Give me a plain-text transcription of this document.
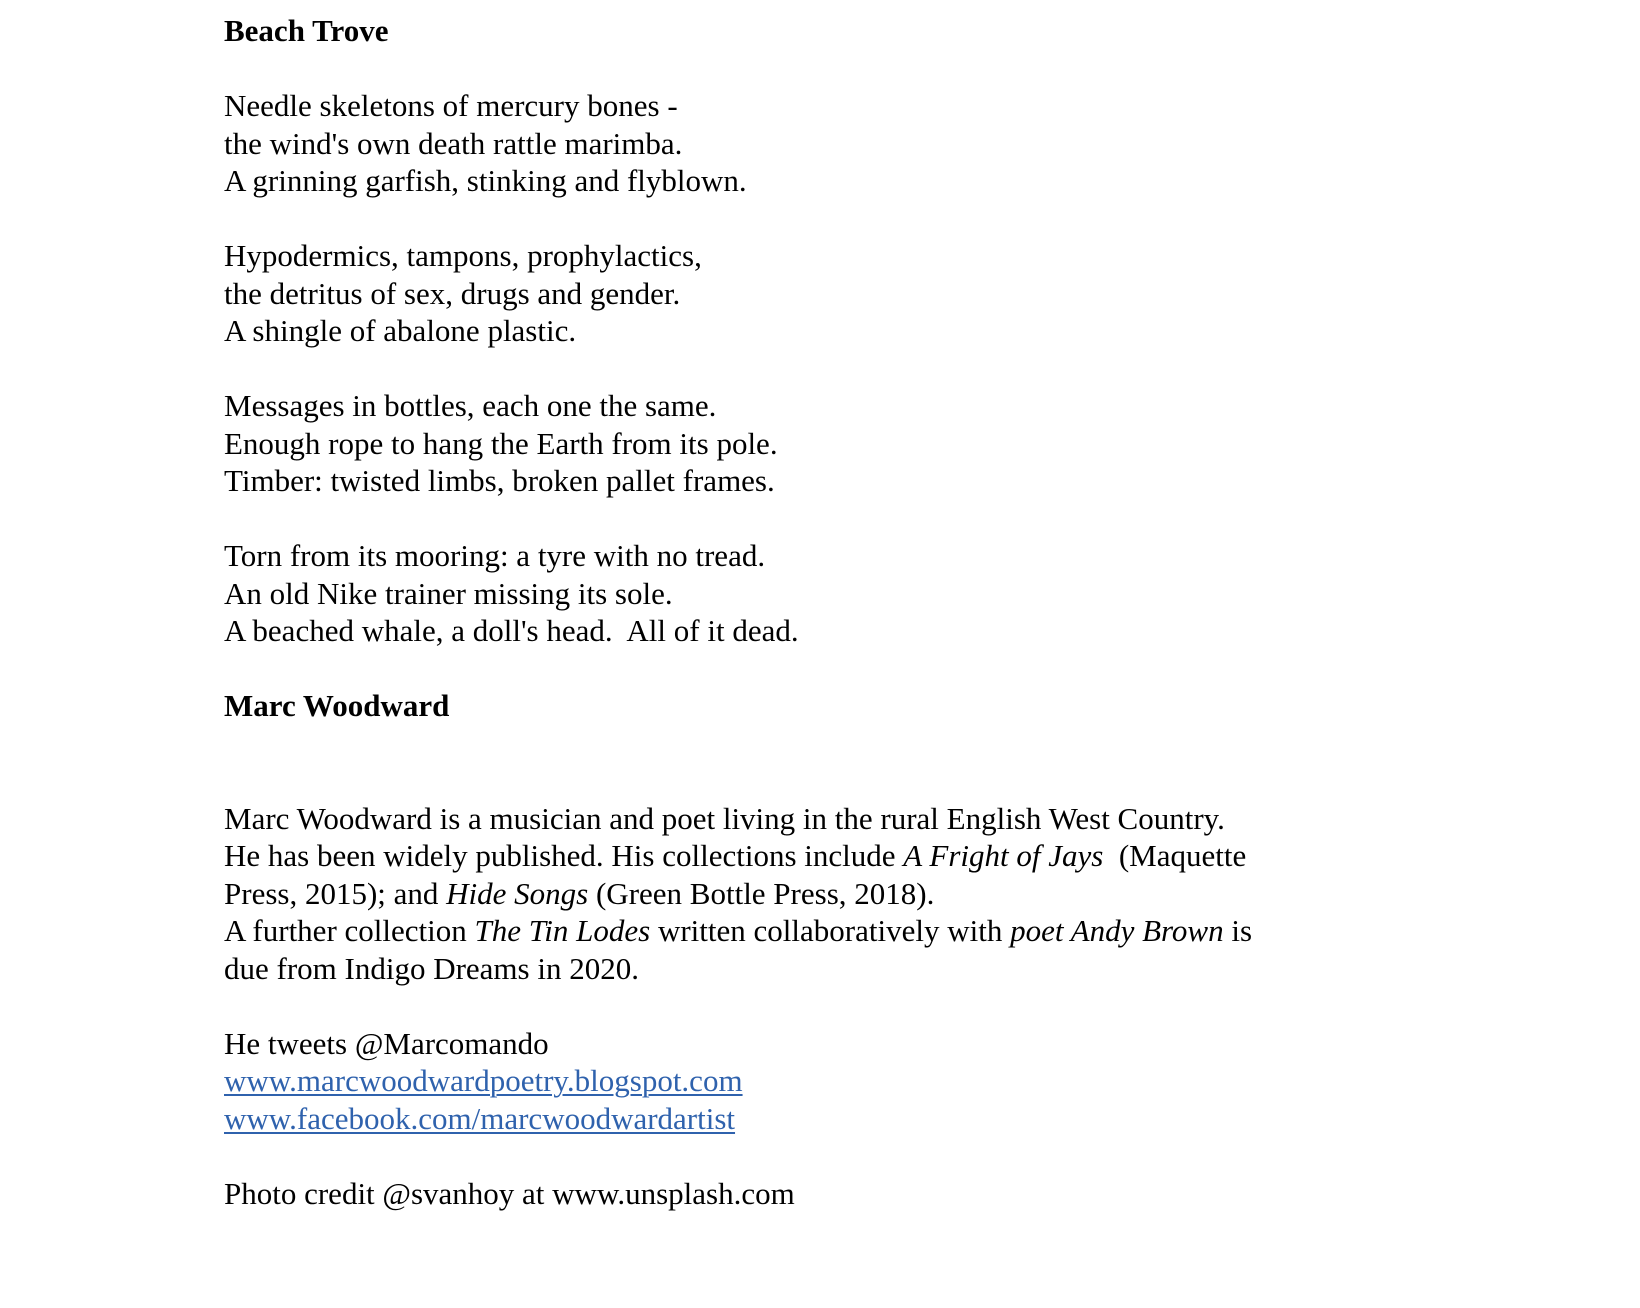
Beach Trove

Needle skeletons of mercury bones -

the wind's own death rattle marimba.

A grinning garfish, stinking and flyblown.

Hypodermics, tampons, prophylactics,

the detritus of sex, drugs and gender.

A shingle of abalone plastic.

Messages in bottles, each one the same.

Enough rope to hang the Earth from its pole.

Timber: twisted limbs, broken pallet frames.

Torn from its mooring: a tyre with no tread.

An old Nike trainer missing its sole.

A beached whale, a doll's head.  All of it dead.

Marc Woodward

Marc Woodward is a musician and poet living in the rural English West Country.

He has been widely published. His collections include A Fright of Jays  (Maquette

Press, 2015); and Hide Songs (Green Bottle Press, 2018).

A further collection The Tin Lodes written collaboratively with poet Andy Brown is

due from Indigo Dreams in 2020.

He tweets @Marcomando

www.marcwoodwardpoetry.blogspot.com
www.facebook.com/marcwoodwardartist

Photo credit @svanhoy at www.unsplash.com
